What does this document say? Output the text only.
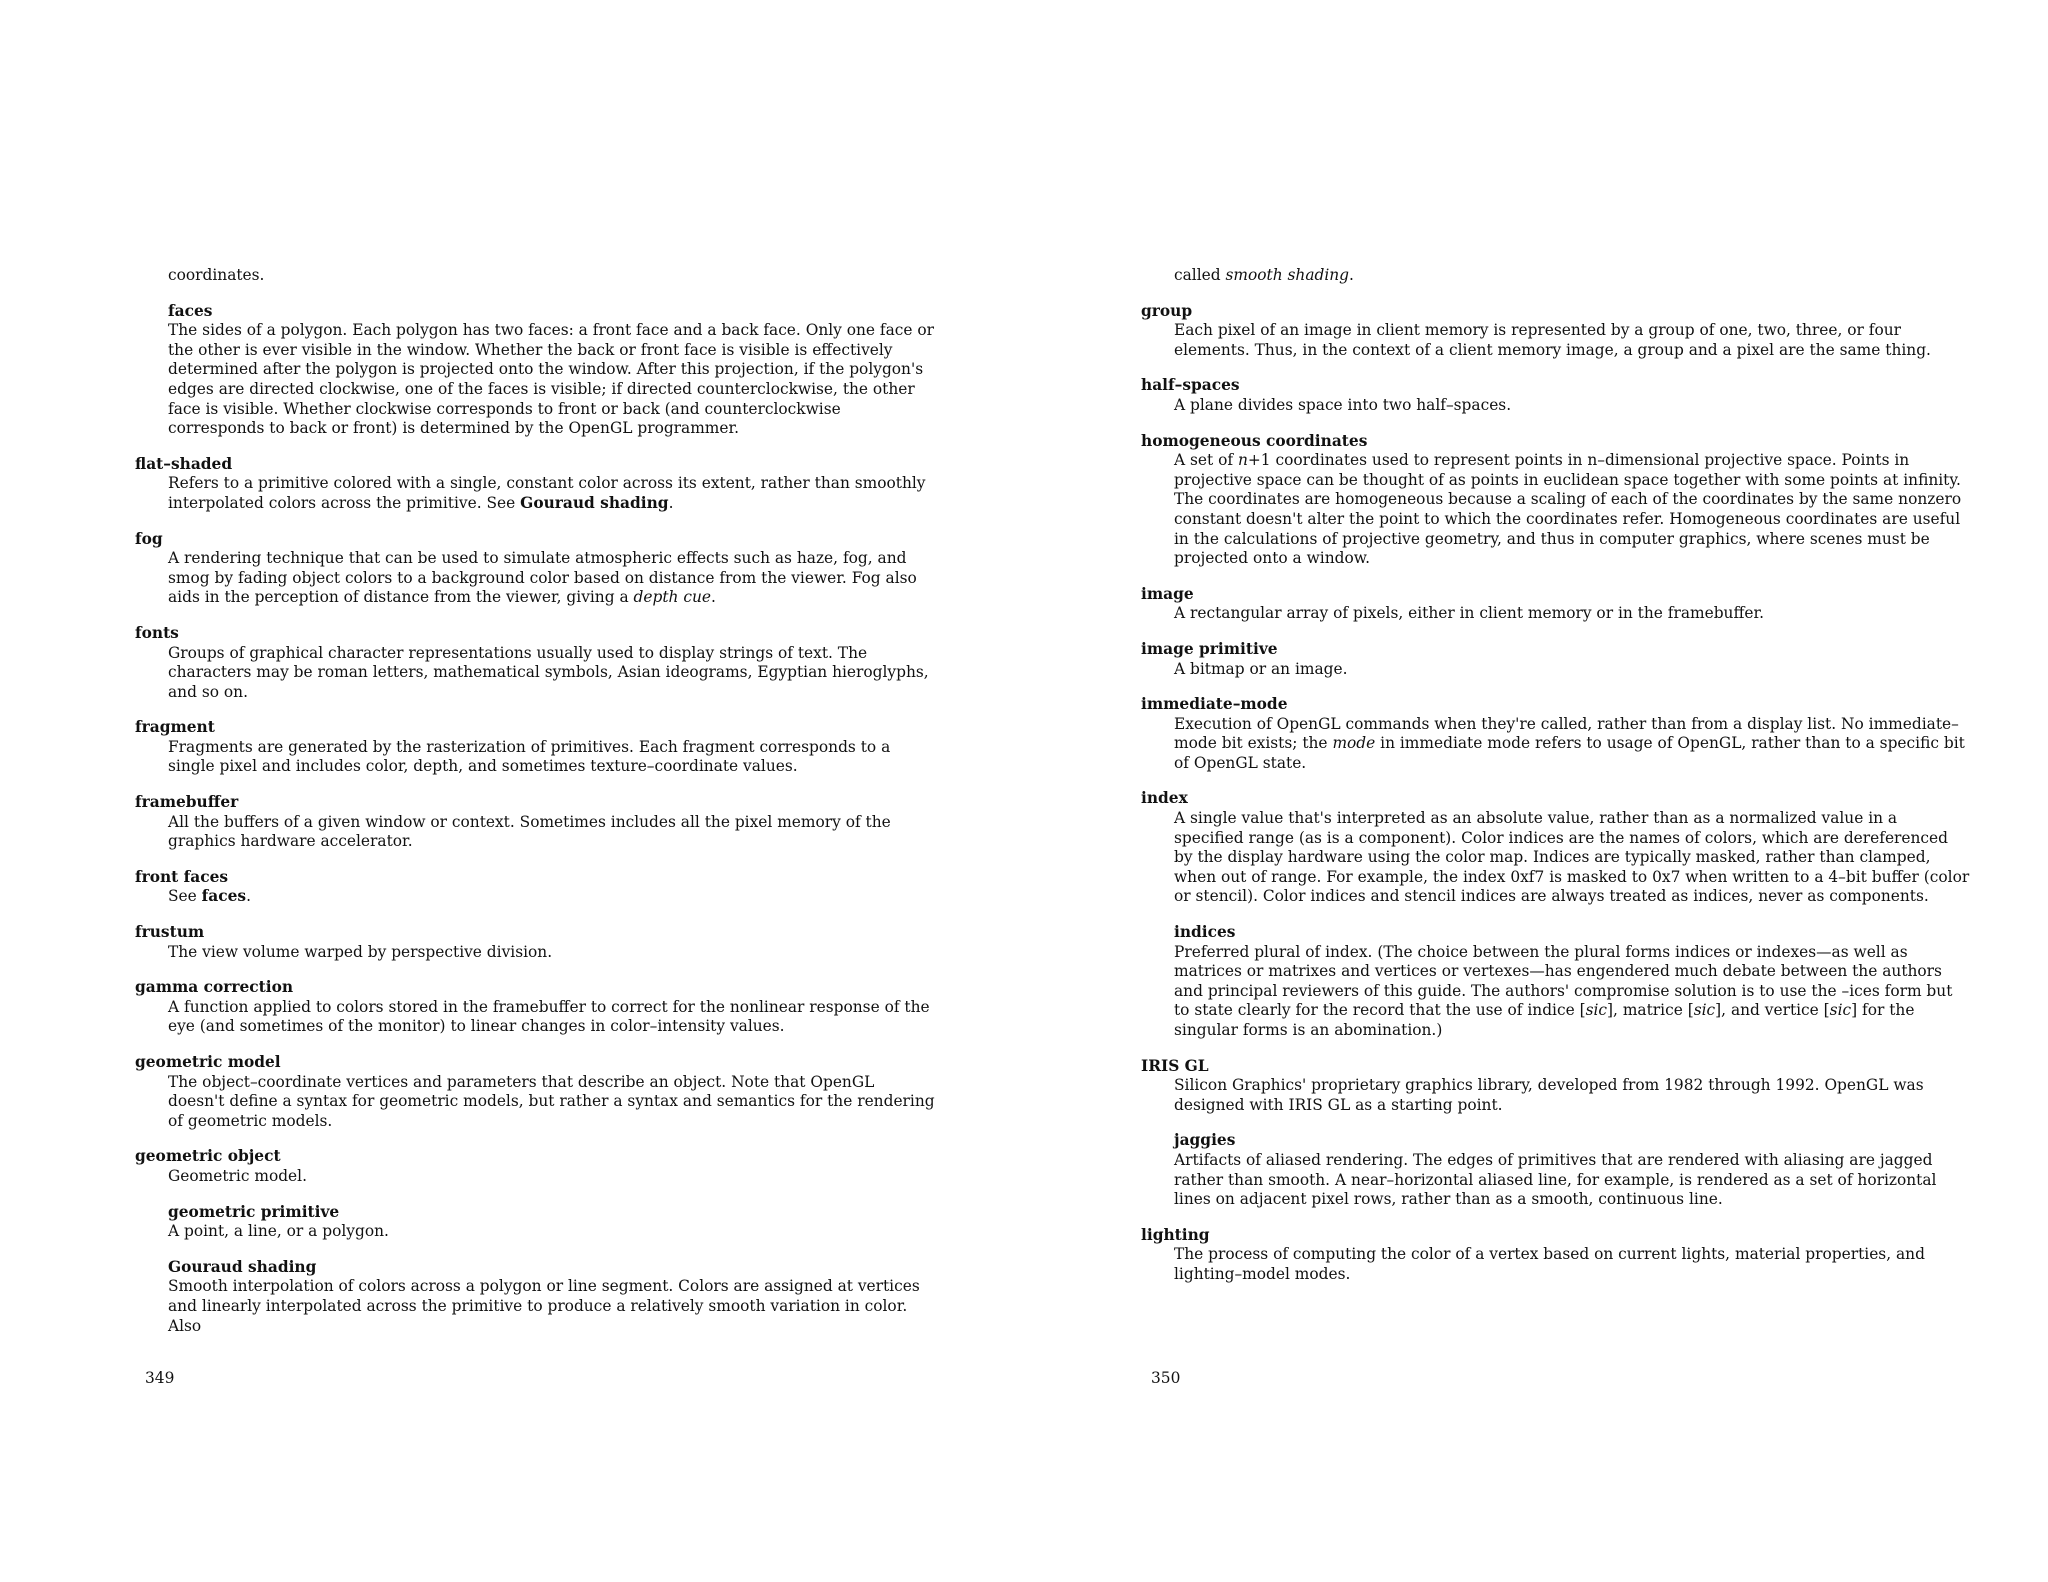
coordinates.
faces
The sides of a polygon. Each polygon has two faces: a front face and a back face. Only one face or the other is ever visible in the window. Whether the back or front face is visible is effectively determined after the polygon is projected onto the window. After this projection, if the polygon's edges are directed clockwise, one of the faces is visible; if directed counterclockwise, the other face is visible. Whether clockwise corresponds to front or back (and counterclockwise corresponds to back or front) is determined by the OpenGL programmer.
flat–shaded
Refers to a primitive colored with a single, constant color across its extent, rather than smoothly interpolated colors across the primitive. See Gouraud shading.
fog
A rendering technique that can be used to simulate atmospheric effects such as haze, fog, and smog by fading object colors to a background color based on distance from the viewer. Fog also aids in the perception of distance from the viewer, giving a depth cue.
fonts
Groups of graphical character representations usually used to display strings of text. The characters may be roman letters, mathematical symbols, Asian ideograms, Egyptian hieroglyphs, and so on.
fragment
Fragments are generated by the rasterization of primitives. Each fragment corresponds to a single pixel and includes color, depth, and sometimes texture–coordinate values.
framebuffer
All the buffers of a given window or context. Sometimes includes all the pixel memory of the graphics hardware accelerator.
front faces
See faces.
frustum
The view volume warped by perspective division.
gamma correction
A function applied to colors stored in the framebuffer to correct for the nonlinear response of the eye (and sometimes of the monitor) to linear changes in color–intensity values.
geometric model
The object–coordinate vertices and parameters that describe an object. Note that OpenGL doesn't define a syntax for geometric models, but rather a syntax and semantics for the rendering of geometric models.
geometric object
Geometric model.
geometric primitive
A point, a line, or a polygon.
Gouraud shading
Smooth interpolation of colors across a polygon or line segment. Colors are assigned at vertices and linearly interpolated across the primitive to produce a relatively smooth variation in color. Also
349
called smooth shading.
group
Each pixel of an image in client memory is represented by a group of one, two, three, or four elements. Thus, in the context of a client memory image, a group and a pixel are the same thing.
half–spaces
A plane divides space into two half–spaces.
homogeneous coordinates
A set of n+1 coordinates used to represent points in n–dimensional projective space. Points in projective space can be thought of as points in euclidean space together with some points at infinity. The coordinates are homogeneous because a scaling of each of the coordinates by the same nonzero constant doesn't alter the point to which the coordinates refer. Homogeneous coordinates are useful in the calculations of projective geometry, and thus in computer graphics, where scenes must be projected onto a window.
image
A rectangular array of pixels, either in client memory or in the framebuffer.
image primitive
A bitmap or an image.
immediate–mode
Execution of OpenGL commands when they're called, rather than from a display list. No immediate–mode bit exists; the mode in immediate mode refers to usage of OpenGL, rather than to a specific bit of OpenGL state.
index
A single value that's interpreted as an absolute value, rather than as a normalized value in a specified range (as is a component). Color indices are the names of colors, which are dereferenced by the display hardware using the color map. Indices are typically masked, rather than clamped, when out of range. For example, the index 0xf7 is masked to 0x7 when written to a 4–bit buffer (color or stencil). Color indices and stencil indices are always treated as indices, never as components.
indices
Preferred plural of index. (The choice between the plural forms indices or indexes—as well as matrices or matrixes and vertices or vertexes—has engendered much debate between the authors and principal reviewers of this guide. The authors' compromise solution is to use the –ices form but to state clearly for the record that the use of indice [sic], matrice [sic], and vertice [sic] for the singular forms is an abomination.)
IRIS GL
Silicon Graphics' proprietary graphics library, developed from 1982 through 1992. OpenGL was designed with IRIS GL as a starting point.
jaggies
Artifacts of aliased rendering. The edges of primitives that are rendered with aliasing are jagged rather than smooth. A near–horizontal aliased line, for example, is rendered as a set of horizontal lines on adjacent pixel rows, rather than as a smooth, continuous line.
lighting
The process of computing the color of a vertex based on current lights, material properties, and lighting–model modes.
350
